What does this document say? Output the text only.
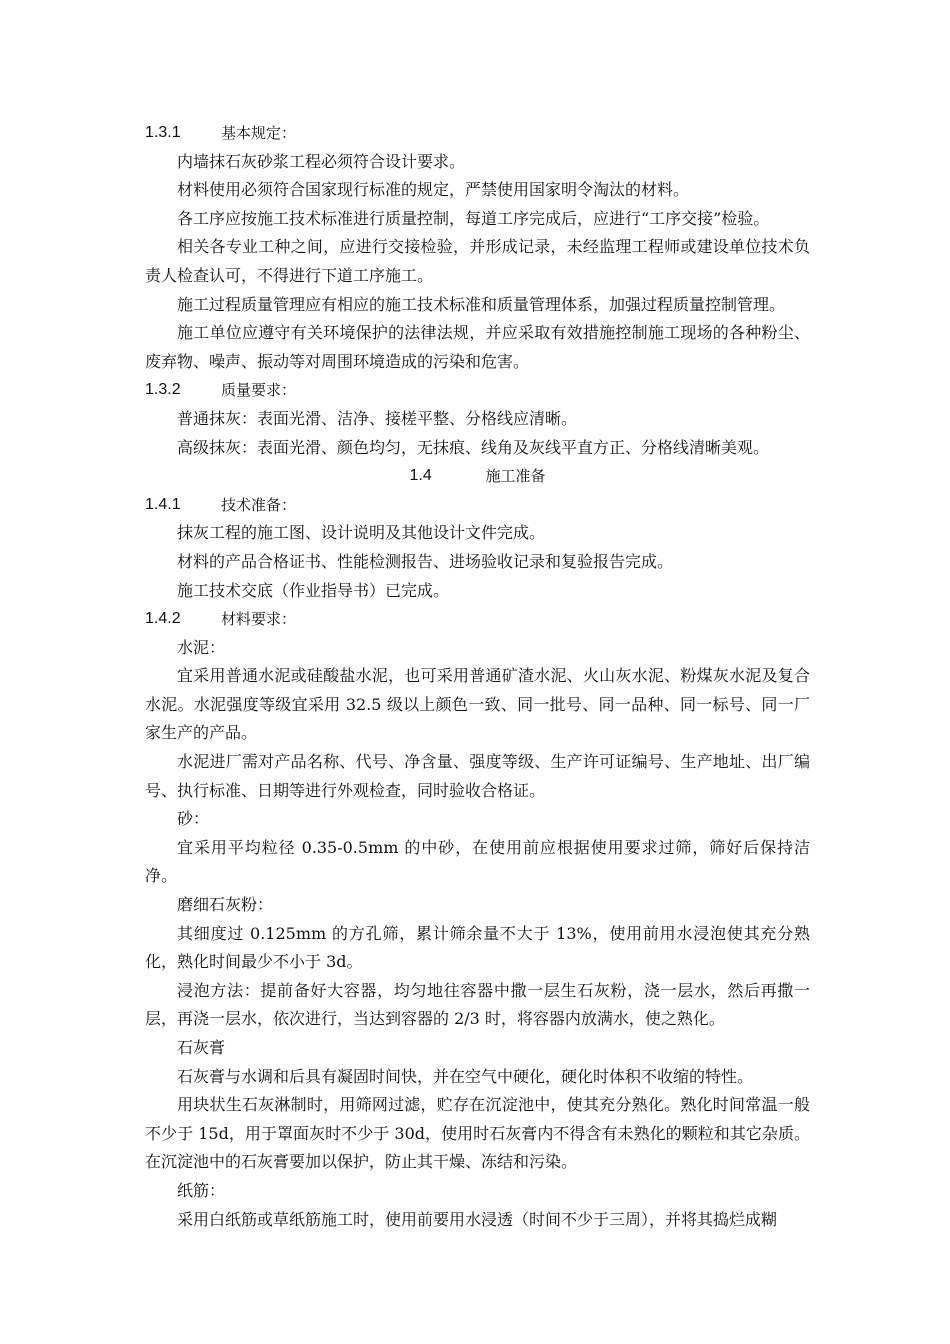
1.3.1	基本规定：

内墙抹石灰砂浆工程必须符合设计要求。

材料使用必须符合国家现行标准的规定，严禁使用国家明令淘汰的材料。

各工序应按施工技术标准进行质量控制，每道工序完成后，应进行“工序交接”检验。

相关各专业工种之间，应进行交接检验，并形成记录，未经监理工程师或建设单位技术负责人检查认可，不得进行下道工序施工。

施工过程质量管理应有相应的施工技术标准和质量管理体系，加强过程质量控制管理。

施工单位应遵守有关环境保护的法律法规，并应采取有效措施控制施工现场的各种粉尘、废弃物、噪声、振动等对周围环境造成的污染和危害。

1.3.2	质量要求：

普通抹灰：表面光滑、洁净、接槎平整、分格线应清晰。

高级抹灰：表面光滑、颜色均匀，无抹痕、线角及灰线平直方正、分格线清晰美观。

1.4	施工准备
1.4.1	技术准备：

抹灰工程的施工图、设计说明及其他设计文件完成。

材料的产品合格证书、性能检测报告、进场验收记录和复验报告完成。

施工技术交底（作业指导书）已完成。

1.4.2	材料要求：

水泥：

宜采用普通水泥或硅酸盐水泥，也可采用普通矿渣水泥、火山灰水泥、粉煤灰水泥及复合水泥。水泥强度等级宜采用 32.5 级以上颜色一致、同一批号、同一品种、同一标号、同一厂家生产的产品。

水泥进厂需对产品名称、代号、净含量、强度等级、生产许可证编号、生产地址、出厂编号、执行标准、日期等进行外观检查，同时验收合格证。

砂：

宜采用平均粒径 0.35-0.5mm 的中砂，在使用前应根据使用要求过筛，筛好后保持洁净。

磨细石灰粉：

其细度过 0.125mm 的方孔筛，累计筛余量不大于 13%，使用前用水浸泡使其充分熟化，熟化时间最少不小于 3d。

浸泡方法：提前备好大容器，均匀地往容器中撒一层生石灰粉，浇一层水，然后再撒一层，再浇一层水，依次进行，当达到容器的 2/3 时，将容器内放满水，使之熟化。

石灰膏

石灰膏与水调和后具有凝固时间快，并在空气中硬化，硬化时体积不收缩的特性。

用块状生石灰淋制时，用筛网过滤，贮存在沉淀池中，使其充分熟化。熟化时间常温一般不少于 15d，用于罩面灰时不少于 30d，使用时石灰膏内不得含有未熟化的颗粒和其它杂质。在沉淀池中的石灰膏要加以保护，防止其干燥、冻结和污染。

纸筋：

采用白纸筋或草纸筋施工时，使用前要用水浸透（时间不少于三周），并将其捣烂成糊
